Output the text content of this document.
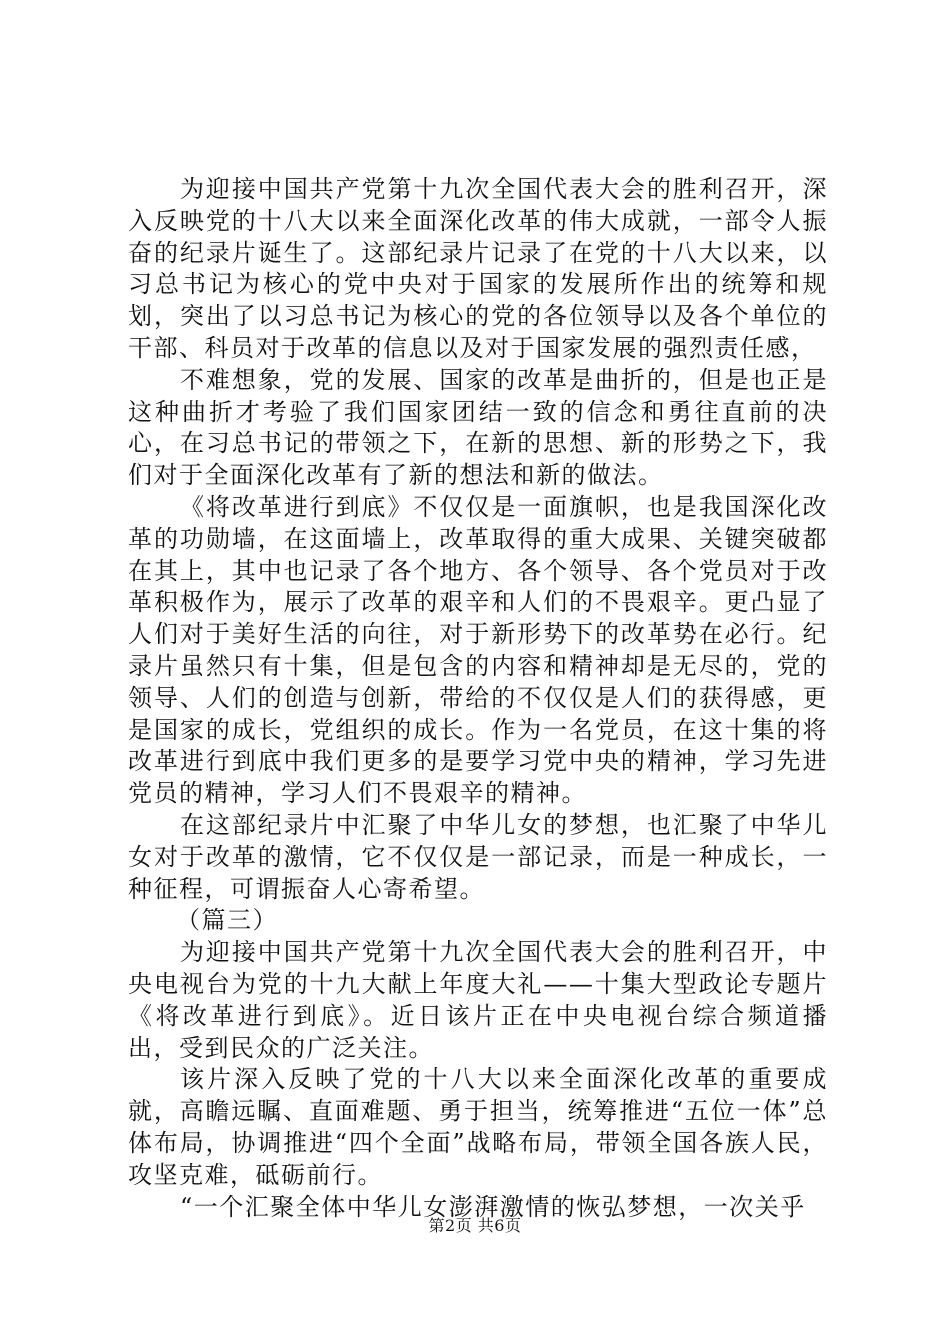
为迎接中国共产党第十九次全国代表大会的胜利召开，深入反映党的十八大以来全面深化改革的伟大成就，一部令人振奋的纪录片诞生了。这部纪录片记录了在党的十八大以来，以习总书记为核心的党中央对于国家的发展所作出的统筹和规划，突出了以习总书记为核心的党的各位领导以及各个单位的干部、科员对于改革的信息以及对于国家发展的强烈责任感，

不难想象，党的发展、国家的改革是曲折的，但是也正是这种曲折才考验了我们国家团结一致的信念和勇往直前的决心，在习总书记的带领之下，在新的思想、新的形势之下，我们对于全面深化改革有了新的想法和新的做法。

《将改革进行到底》不仅仅是一面旗帜，也是我国深化改革的功勋墙，在这面墙上，改革取得的重大成果、关键突破都在其上，其中也记录了各个地方、各个领导、各个党员对于改革积极作为，展示了改革的艰辛和人们的不畏艰辛。更凸显了人们对于美好生活的向往，对于新形势下的改革势在必行。纪录片虽然只有十集，但是包含的内容和精神却是无尽的，党的领导、人们的创造与创新，带给的不仅仅是人们的获得感，更是国家的成长，党组织的成长。作为一名党员，在这十集的将改革进行到底中我们更多的是要学习党中央的精神，学习先进党员的精神，学习人们不畏艰辛的精神。

在这部纪录片中汇聚了中华儿女的梦想，也汇聚了中华儿女对于改革的激情，它不仅仅是一部记录，而是一种成长，一种征程，可谓振奋人心寄希望。

（篇三）

为迎接中国共产党第十九次全国代表大会的胜利召开，中央电视台为党的十九大献上年度大礼——十集大型政论专题片《将改革进行到底》。近日该片正在中央电视台综合频道播出，受到民众的广泛关注。

该片深入反映了党的十八大以来全面深化改革的重要成就，高瞻远瞩、直面难题、勇于担当，统筹推进“五位一体”总体布局，协调推进“四个全面”战略布局，带领全国各族人民，攻坚克难，砥砺前行。

“一个汇聚全体中华儿女澎湃激情的恢弘梦想，一次关乎

第2页 共6页
